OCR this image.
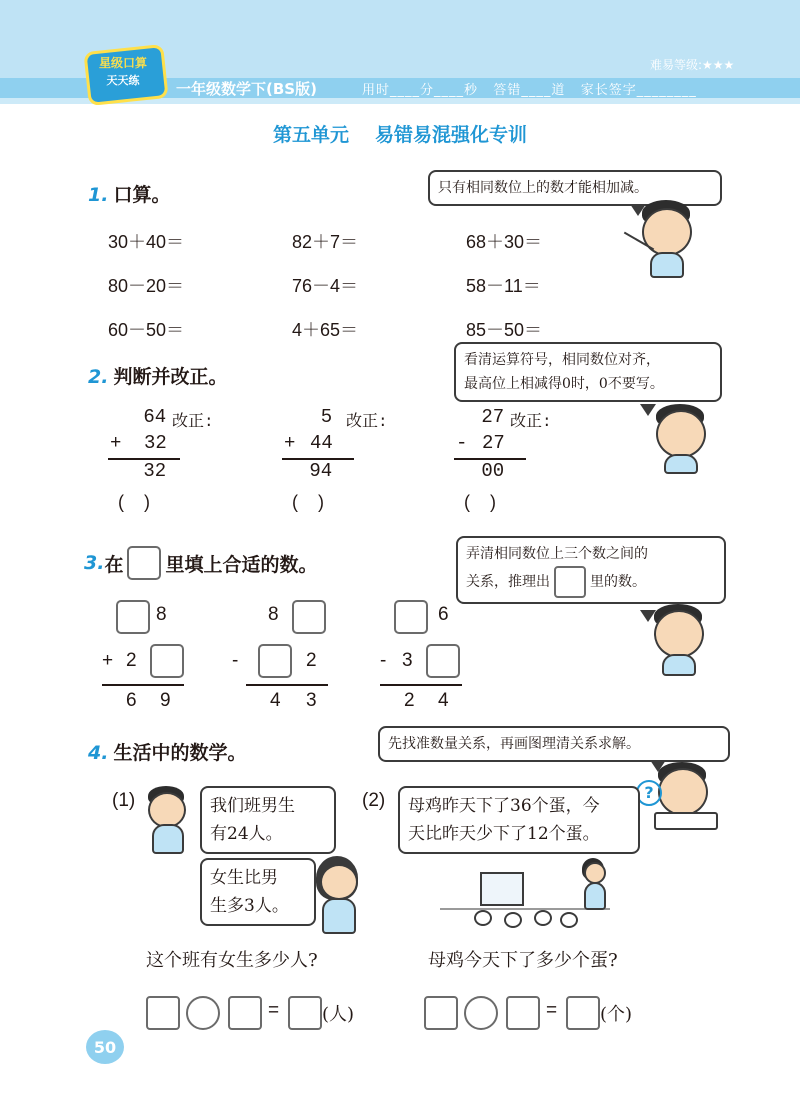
星级口算
天天练	一年级数学下(BS版)	用时____分____秒   答错____道   家长签字________
难易等级:★★★
第五单元 易错易混强化专训
1. 口算。	只有相同数位上的数才能相加减。
30＋40＝	82＋7＝	68＋30＝
80－20＝	76－4＝	58－11＝
60－50＝	4＋65＝	85－50＝
2. 判断并改正。
看清运算符号，相同数位对齐，
最高位上相减得0时，0不要写。
64 改正:
+ 32
32
(    )
5 改正:
+ 44
94
(    )
27 改正:
- 27
00
(    )
3. 在 里填上合适的数。	弄清相同数位上三个数之间的
关系，推理出	里的数。
8
+ 2
6 9
8
-	2
4 3
6
- 3
2 4
4. 生活中的数学。	先找准数量关系，再画图理清关系求解。
?
(1)	我们班男生
有24人。
女生比男
生多3人。
这个班有女生多少人?
= (人)
(2) 母鸡昨天下了36个蛋，今
天比昨天少下了12个蛋。
母鸡今天下了多少个蛋?
= (个)
50
